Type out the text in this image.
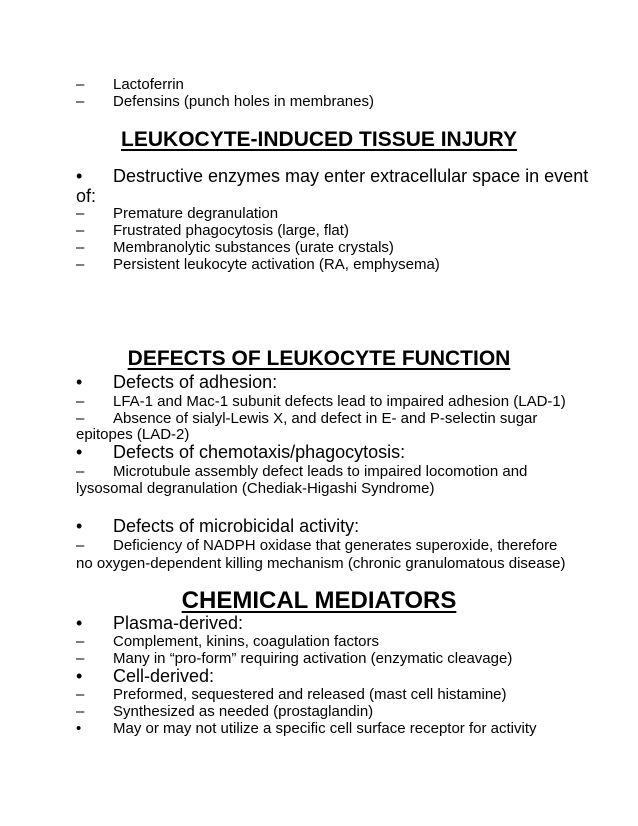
– Lactoferrin
– Defensins (punch holes in membranes)
LEUKOCYTE-INDUCED TISSUE INJURY
• Destructive enzymes may enter extracellular space in event
of:
– Premature degranulation
– Frustrated phagocytosis (large, flat)
– Membranolytic substances (urate crystals)
– Persistent leukocyte activation (RA, emphysema)
DEFECTS OF LEUKOCYTE FUNCTION
• Defects of adhesion:
– LFA-1 and Mac-1 subunit defects lead to impaired adhesion (LAD-1)
– Absence of sialyl-Lewis X, and defect in E- and P-selectin sugar
epitopes (LAD-2)
• Defects of chemotaxis/phagocytosis:
– Microtubule assembly defect leads to impaired locomotion and
lysosomal degranulation (Chediak-Higashi Syndrome)
• Defects of microbicidal activity:
– Deficiency of NADPH oxidase that generates superoxide, therefore
no oxygen-dependent killing mechanism (chronic granulomatous disease)
CHEMICAL MEDIATORS
• Plasma-derived:
– Complement, kinins, coagulation factors
– Many in “pro-form” requiring activation (enzymatic cleavage)
• Cell-derived:
– Preformed, sequestered and released (mast cell histamine)
– Synthesized as needed (prostaglandin)
• May or may not utilize a specific cell surface receptor for activity
